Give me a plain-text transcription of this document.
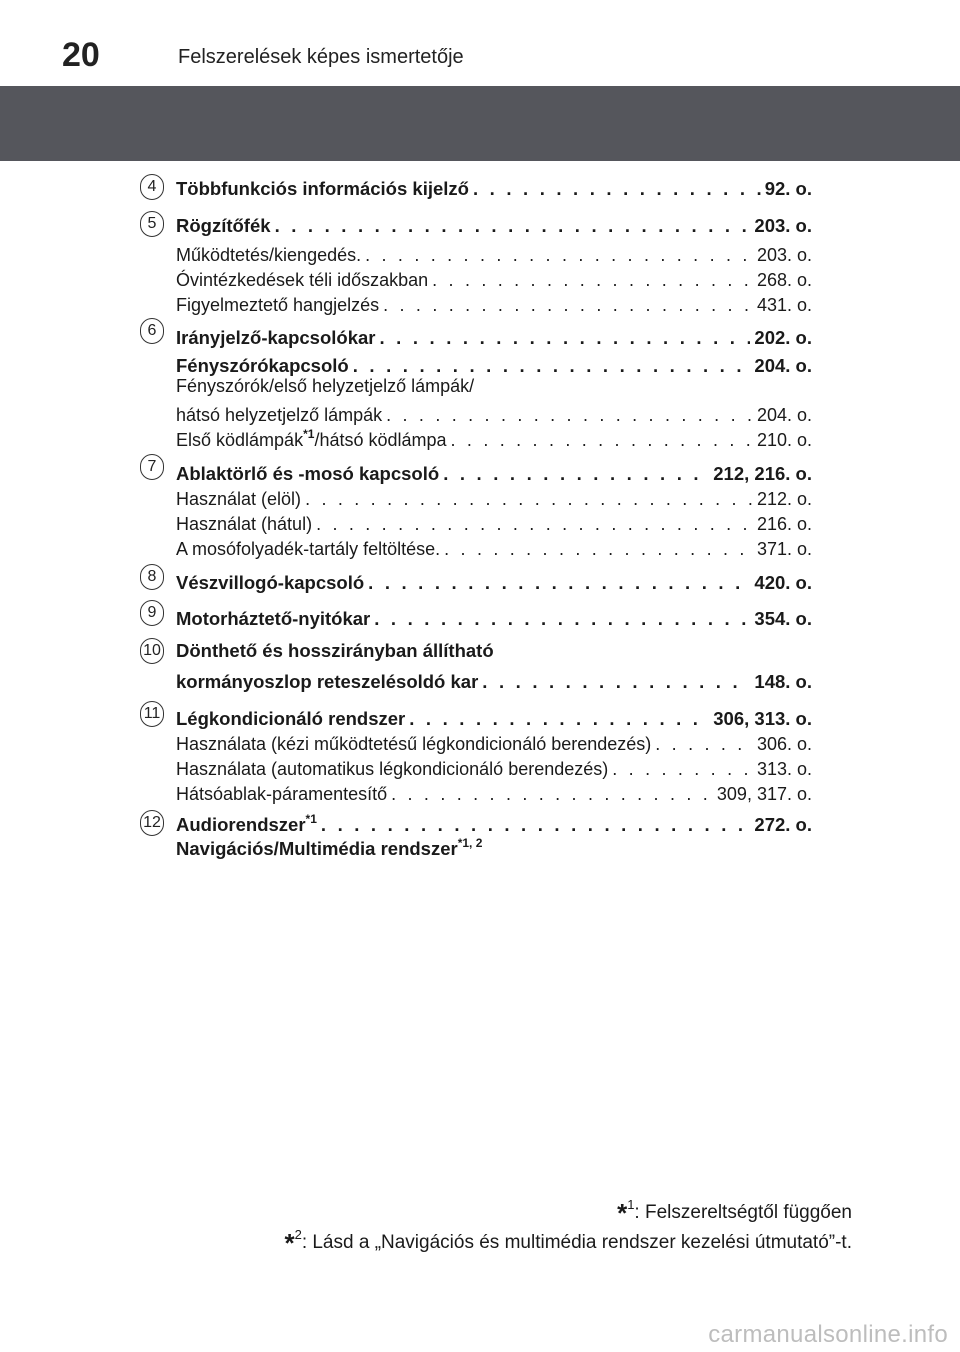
20	Felszerelések képes ismertetője
4
5
6
7
8
9
10
11
12
Többfunkciós információs kijelző . . .	92. o.
Rögzítőfék . . .	203. o.
Működtetés/kiengedés. . . .	203. o.
Óvintézkedések téli időszakban . . .	268. o.
Figyelmeztető hangjelzés . . .	431. o.
Irányjelző-kapcsolókar . . .	202. o.
Fényszórókapcsoló . . .	204. o.
Fényszórók/első helyzetjelző lámpák/
hátsó helyzetjelző lámpák . . .	204. o.
Első ködlámpák$^{*1}$/hátsó ködlámpa . . .	210. o.
Ablaktörlő és -mosó kapcsoló . . .	212, 216. o.
Használat (elöl) . . .	212. o.
Használat (hátul) . . .	216. o.
A mosófolyadék-tartály feltöltése. . . .	371. o.
Vészvillogó-kapcsoló . . .	420. o.
Motorháztető-nyitókar . . .	354. o.
Dönthető és hosszirányban állítható
kormányoszlop reteszelésoldó kar . . .	148. o.
Légkondicionáló rendszer . . .	306, 313. o.
Használata (kézi működtetésű légkondicionáló berendezés) . . .	306. o.
Használata (automatikus légkondicionáló berendezés) . . .	313. o.
Hátsóablak-páramentesítő . . .	309, 317. o.
Audiorendszer$^{*1}$ . . .	272. o.
Navigációs/Multimédia rendszer$^{*1, 2}$
*$^1$: Felszereltségtől függően
*$^2$: Lásd a „Navigációs és multimédia rendszer kezelési útmutató”-t.
carmanualsonline.info
